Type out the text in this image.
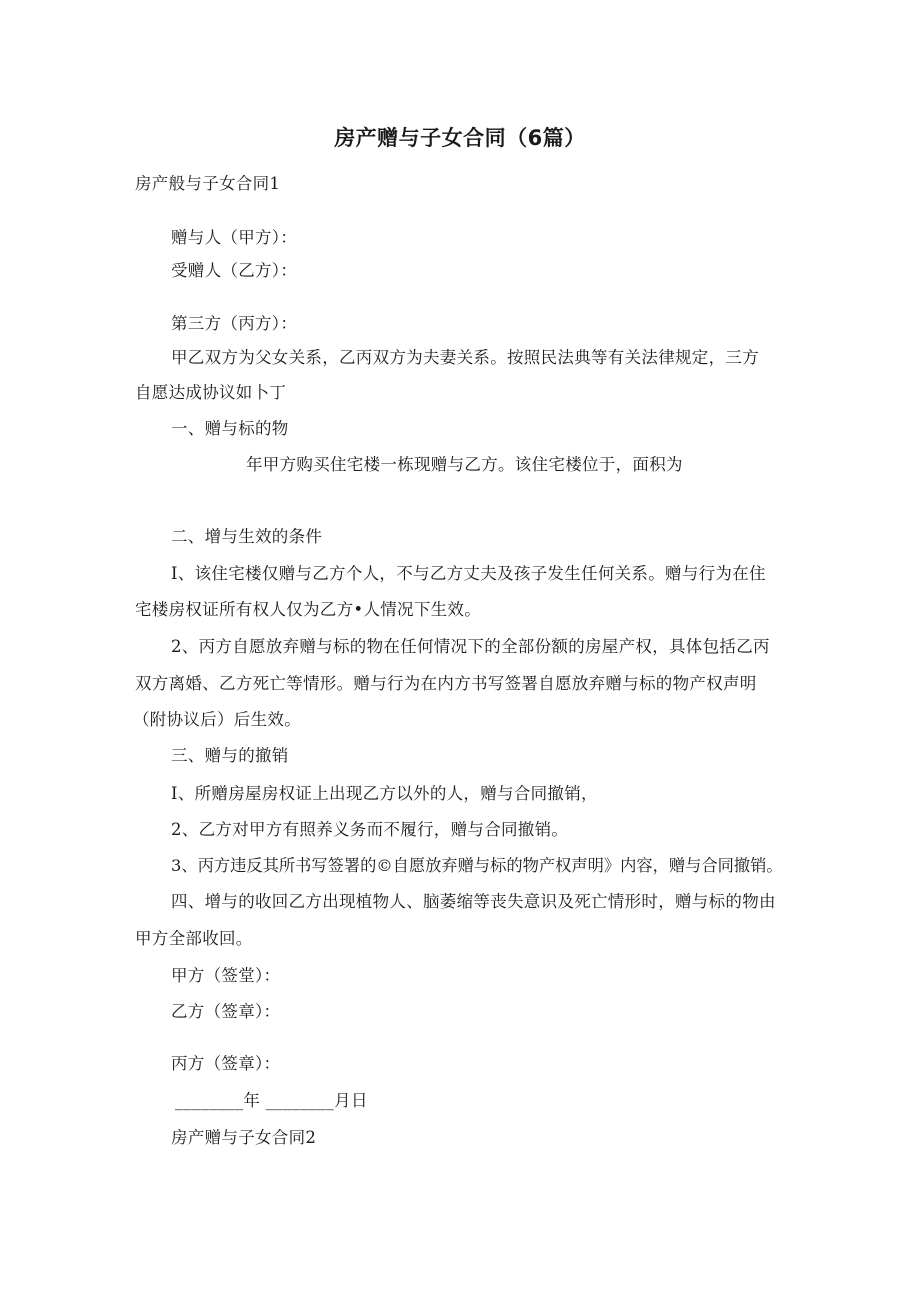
房产赠与子女合同（6篇）

房产般与子女合同1

赠与人（甲方）：

受赠人（乙方）：

第三方（丙方）：

甲乙双方为父女关系，乙丙双方为夫妻关系。按照民法典等有关法律规定，三方

自愿达成协议如卜丁

一、赠与标的物

年甲方购买住宅楼一栋现赠与乙方。该住宅楼位于，面积为

二、增与生效的条件

I、该住宅楼仅赠与乙方个人，不与乙方丈夫及孩子发生任何关系。赠与行为在住

宅楼房权证所有权人仅为乙方•人情况下生效。

2、丙方自愿放弃赠与标的物在任何情况下的全部份额的房屋产权，具体包括乙丙

双方离婚、乙方死亡等情形。赠与行为在内方书写签署自愿放弃赠与标的物产权声明

（附协议后）后生效。

三、赠与的撤销

I、所赠房屋房权证上出现乙方以外的人，赠与合同撤销，

2、乙方对甲方有照养义务而不履行，赠与合同撤销。

3、丙方违反其所书写签署的©自愿放弃赠与标的物产权声明》内容，赠与合同撤销。

四、增与的收回乙方出现植物人、脑萎缩等丧失意识及死亡情形时，赠与标的物由

甲方全部收回。

甲方（签堂）：

乙方（签章）：

丙方（签章）：

________年 ________月日

房产赠与子女合同2
